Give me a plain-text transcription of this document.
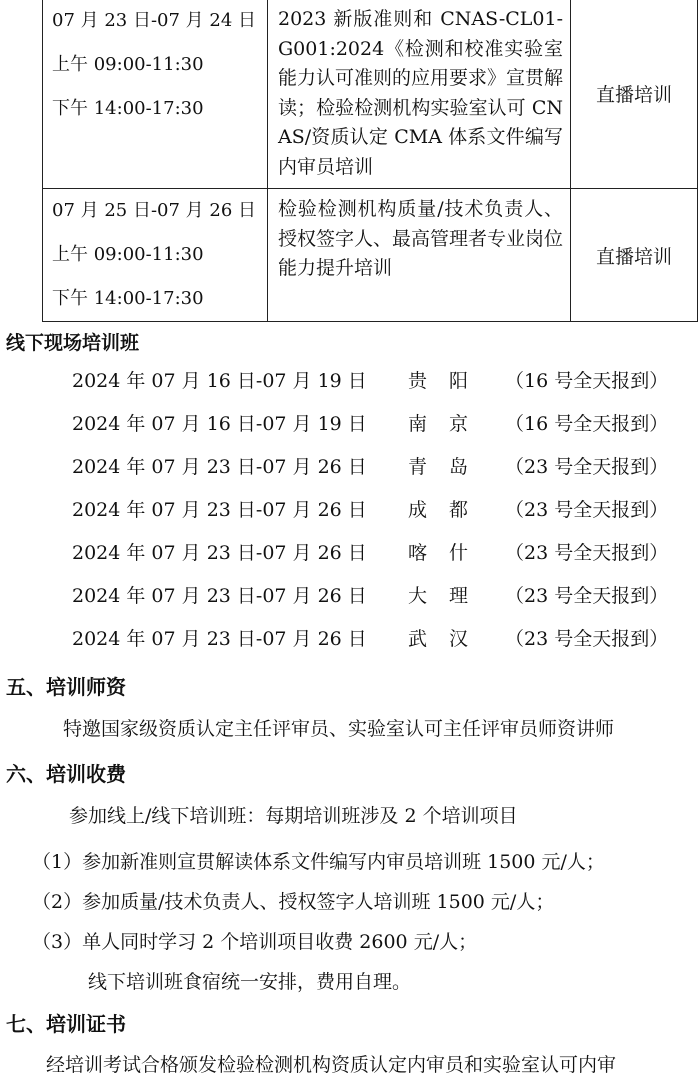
07 月 23 日-07 月 24 日
上午 09:00-11:30
下午 14:00-17:30	2023 新版准则和 CNAS-CL01-G001:2024《检测和校准实验室能力认可准则的应用要求》宣贯解读；检验检测机构实验室认可 CNAS/资质认定 CMA 体系文件编写内审员培训	直播培训

07 月 25 日-07 月 26 日
上午 09:00-11:30
下午 14:00-17:30	检验检测机构质量/技术负责人、授权签字人、最高管理者专业岗位能力提升培训	直播培训
线下现场培训班
2024 年 07 月 16 日-07 月 19 日 贵阳 （16 号全天报到）
2024 年 07 月 16 日-07 月 19 日 南京 （16 号全天报到）
2024 年 07 月 23 日-07 月 26 日 青岛 （23 号全天报到）
2024 年 07 月 23 日-07 月 26 日 成都 （23 号全天报到）
2024 年 07 月 23 日-07 月 26 日 喀什 （23 号全天报到）
2024 年 07 月 23 日-07 月 26 日 大理 （23 号全天报到）
2024 年 07 月 23 日-07 月 26 日 武汉 （23 号全天报到）
五、培训师资
特邀国家级资质认定主任评审员、实验室认可主任评审员师资讲师
六、培训收费
参加线上/线下培训班：每期培训班涉及 2 个培训项目
（1）参加新准则宣贯解读体系文件编写内审员培训班 1500 元/人；
（2）参加质量/技术负责人、授权签字人培训班 1500 元/人；
（3）单人同时学习 2 个培训项目收费 2600 元/人；
线下培训班食宿统一安排，费用自理。
七、培训证书
经培训考试合格颁发检验检测机构资质认定内审员和实验室认可内审
